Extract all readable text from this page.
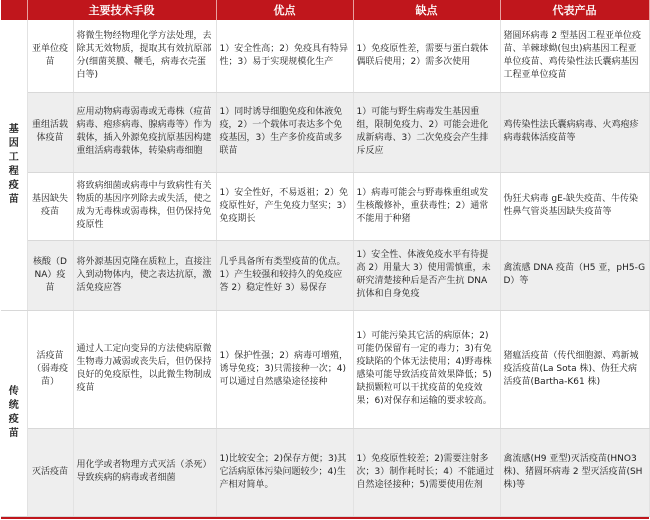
	主要技术手段		优点	缺点	代表产品
基因工程疫苗	亚单位疫苗	将微生物经物理化学方法处理，去除其无效物质，提取其有效抗原部分(细菌荚膜、鞭毛，病毒衣壳蛋白等)	1）安全性高；2）免疫具有特异性；3）易于实现规模化生产	1）免疫原性差，需要与蛋白载体偶联后使用；2）需多次使用	猪圆环病毒 2 型基因工程亚单位疫苗、羊棘球蚴(包虫)病基因工程亚单位疫苗、鸡传染性法氏囊病基因工程亚单位疫苗
	重组活载体疫苗	应用动物病毒弱毒或无毒株（痘苗病毒、疱疹病毒、腺病毒等）作为载体，插入外源免疫抗原基因构建重组活病毒载体，转染病毒细胞	1）同时诱导细胞免疫和体液免疫，2）一个载体可表达多个免疫基因，3）生产多价疫苗或多联苗	1）可能与野生病毒发生基因重组，限制免疫力、2）可能会进化成新病毒、3）二次免疫会产生排斥反应	鸡传染性法氏囊病病毒、火鸡疱疹病毒载体活疫苗等
	基因缺失疫苗	将致病细菌或病毒中与致病性有关物质的基因序列除去或失活，使之成为无毒株或弱毒株，但仍保持免疫原性	1）安全性好，不易返祖；2）免疫原性好，产生免疫力坚实；3）免疫期长	1）病毒可能会与野毒株重组或发生核酸修补，重获毒性；2）通常不能用于种猪	伪狂犬病毒 gE-缺失疫苗、牛传染性鼻气管炎基因缺失疫苗等
	核酸（DNA）疫苗	将外源基因克隆在质粒上，直接注入到动物体内，使之表达抗原，激活免疫应答	几乎具备所有类型疫苗的优点。1）产生较强和较持久的免疫应答 2）稳定性好 3）易保存	1）安全性、体液免疫水平有待提高 2）用量大 3）使用需慎重，未研究清楚接种后是否产生抗 DNA 抗体和自身免疫	禽流感 DNA 疫苗（H5 亚，pH5-GD）等
传统疫苗	活疫苗（弱毒疫苗）	通过人工定向变异的方法使病原微生物毒力减弱或丧失后，但仍保持良好的免疫原性，以此微生物制成疫苗	1）保护性强；2）病毒可增殖，诱导免疫；3)只需接种一次；4)可以通过自然感染途径接种	1）可能污染其它活的病原体；2)可能仍保留有一定的毒力；3)有免疫缺陷的个体无法使用；4)野毒株感染可能导致活疫苗效果降低；5)缺损颗粒可以干扰疫苗的免疫效果；6)对保存和运输的要求较高。	猪瘟活疫苗（传代细胞源、鸡新城疫活疫苗(La Sota 株)、伪狂犬病活疫苗(Bartha-K61 株)
	灭活疫苗	用化学或者物理方式灭活（杀死）导致疾病的病毒或者细菌	1)比较安全；2)保存方便；3)其它活病原体污染问题较少；4)生产相对简单。	1）免疫原性较差；2)需要注射多次；3）制作耗时长；4）不能通过自然途径接种；5)需要使用佐剂	禽流感(H9 亚型)灭活疫苗(HNO3 株)、猪圆环病毒 2 型灭活疫苗(SH 株)等
